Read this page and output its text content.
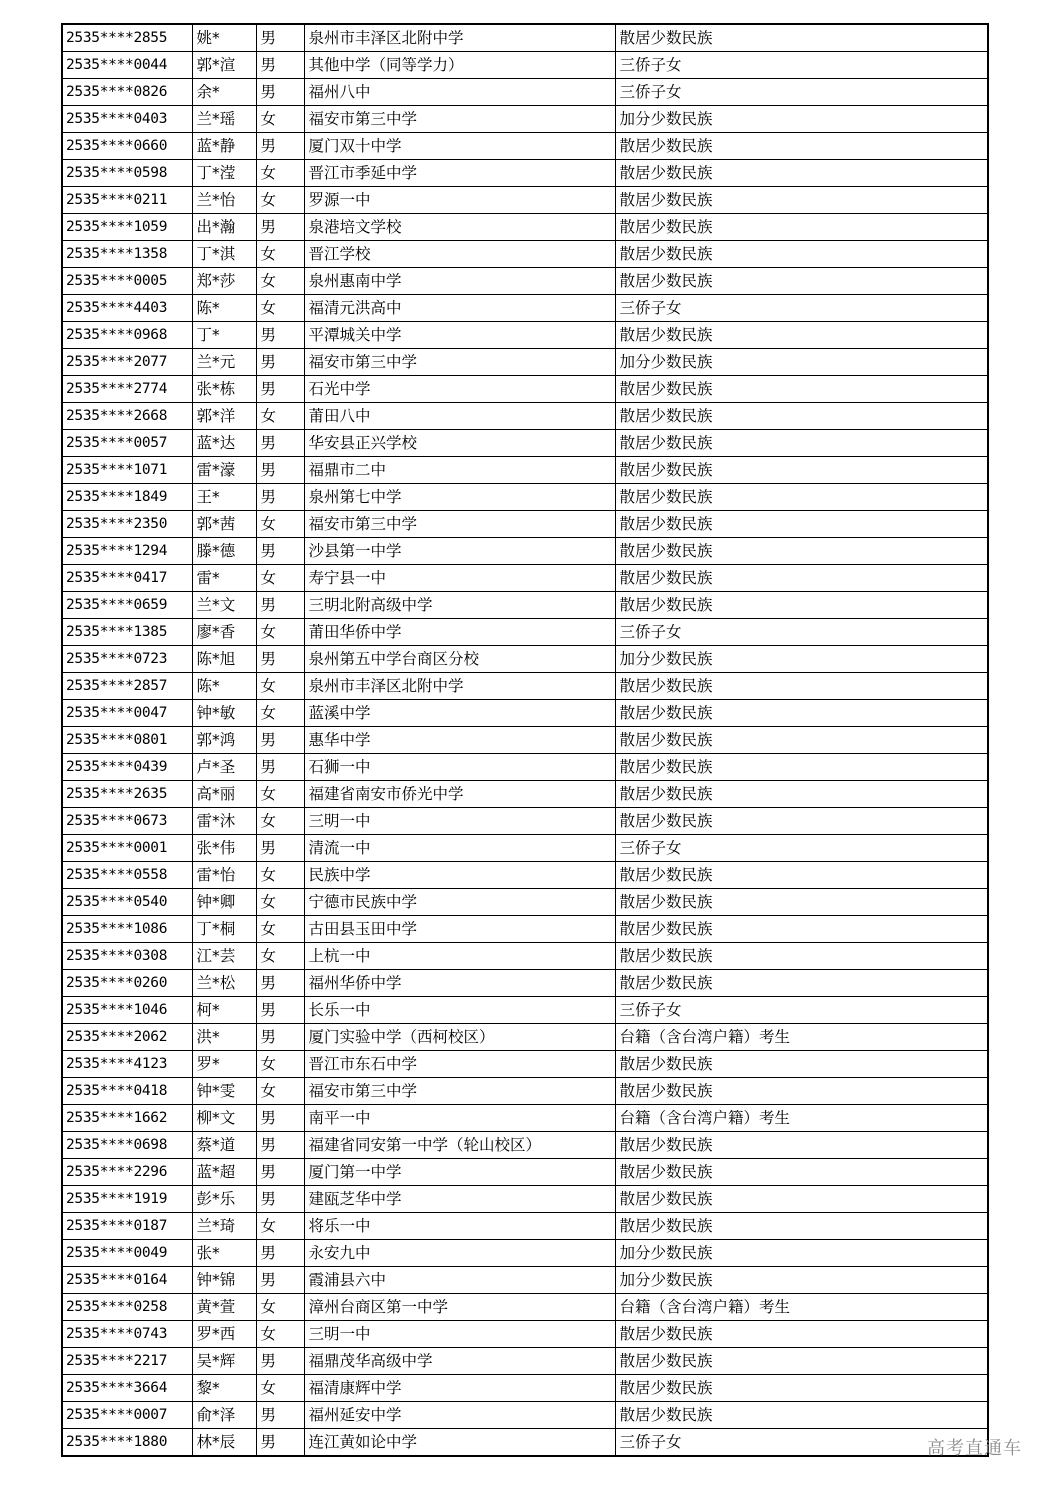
2535****2855	姚*	男	泉州市丰泽区北附中学	散居少数民族
2535****0044	郭*渲	男	其他中学（同等学力）	三侨子女
2535****0826	余*	男	福州八中	三侨子女
2535****0403	兰*瑶	女	福安市第三中学	加分少数民族
2535****0660	蓝*静	男	厦门双十中学	散居少数民族
2535****0598	丁*滢	女	晋江市季延中学	散居少数民族
2535****0211	兰*怡	女	罗源一中	散居少数民族
2535****1059	出*瀚	男	泉港培文学校	散居少数民族
2535****1358	丁*淇	女	晋江学校	散居少数民族
2535****0005	郑*莎	女	泉州惠南中学	散居少数民族
2535****4403	陈*	女	福清元洪高中	三侨子女
2535****0968	丁*	男	平潭城关中学	散居少数民族
2535****2077	兰*元	男	福安市第三中学	加分少数民族
2535****2774	张*栋	男	石光中学	散居少数民族
2535****2668	郭*洋	女	莆田八中	散居少数民族
2535****0057	蓝*达	男	华安县正兴学校	散居少数民族
2535****1071	雷*濠	男	福鼎市二中	散居少数民族
2535****1849	王*	男	泉州第七中学	散居少数民族
2535****2350	郭*茜	女	福安市第三中学	散居少数民族
2535****1294	滕*德	男	沙县第一中学	散居少数民族
2535****0417	雷*	女	寿宁县一中	散居少数民族
2535****0659	兰*文	男	三明北附高级中学	散居少数民族
2535****1385	廖*香	女	莆田华侨中学	三侨子女
2535****0723	陈*旭	男	泉州第五中学台商区分校	加分少数民族
2535****2857	陈*	女	泉州市丰泽区北附中学	散居少数民族
2535****0047	钟*敏	女	蓝溪中学	散居少数民族
2535****0801	郭*鸿	男	惠华中学	散居少数民族
2535****0439	卢*圣	男	石狮一中	散居少数民族
2535****2635	高*丽	女	福建省南安市侨光中学	散居少数民族
2535****0673	雷*沐	女	三明一中	散居少数民族
2535****0001	张*伟	男	清流一中	三侨子女
2535****0558	雷*怡	女	民族中学	散居少数民族
2535****0540	钟*卿	女	宁德市民族中学	散居少数民族
2535****1086	丁*桐	女	古田县玉田中学	散居少数民族
2535****0308	江*芸	女	上杭一中	散居少数民族
2535****0260	兰*松	男	福州华侨中学	散居少数民族
2535****1046	柯*	男	长乐一中	三侨子女
2535****2062	洪*	男	厦门实验中学（西柯校区）	台籍（含台湾户籍）考生
2535****4123	罗*	女	晋江市东石中学	散居少数民族
2535****0418	钟*雯	女	福安市第三中学	散居少数民族
2535****1662	柳*文	男	南平一中	台籍（含台湾户籍）考生
2535****0698	蔡*道	男	福建省同安第一中学（轮山校区）	散居少数民族
2535****2296	蓝*超	男	厦门第一中学	散居少数民族
2535****1919	彭*乐	男	建瓯芝华中学	散居少数民族
2535****0187	兰*琦	女	将乐一中	散居少数民族
2535****0049	张*	男	永安九中	加分少数民族
2535****0164	钟*锦	男	霞浦县六中	加分少数民族
2535****0258	黄*萱	女	漳州台商区第一中学	台籍（含台湾户籍）考生
2535****0743	罗*西	女	三明一中	散居少数民族
2535****2217	吴*辉	男	福鼎茂华高级中学	散居少数民族
2535****3664	黎*	女	福清康辉中学	散居少数民族
2535****0007	俞*泽	男	福州延安中学	散居少数民族
2535****1880	林*辰	男	连江黄如论中学	三侨子女	高考直通车
